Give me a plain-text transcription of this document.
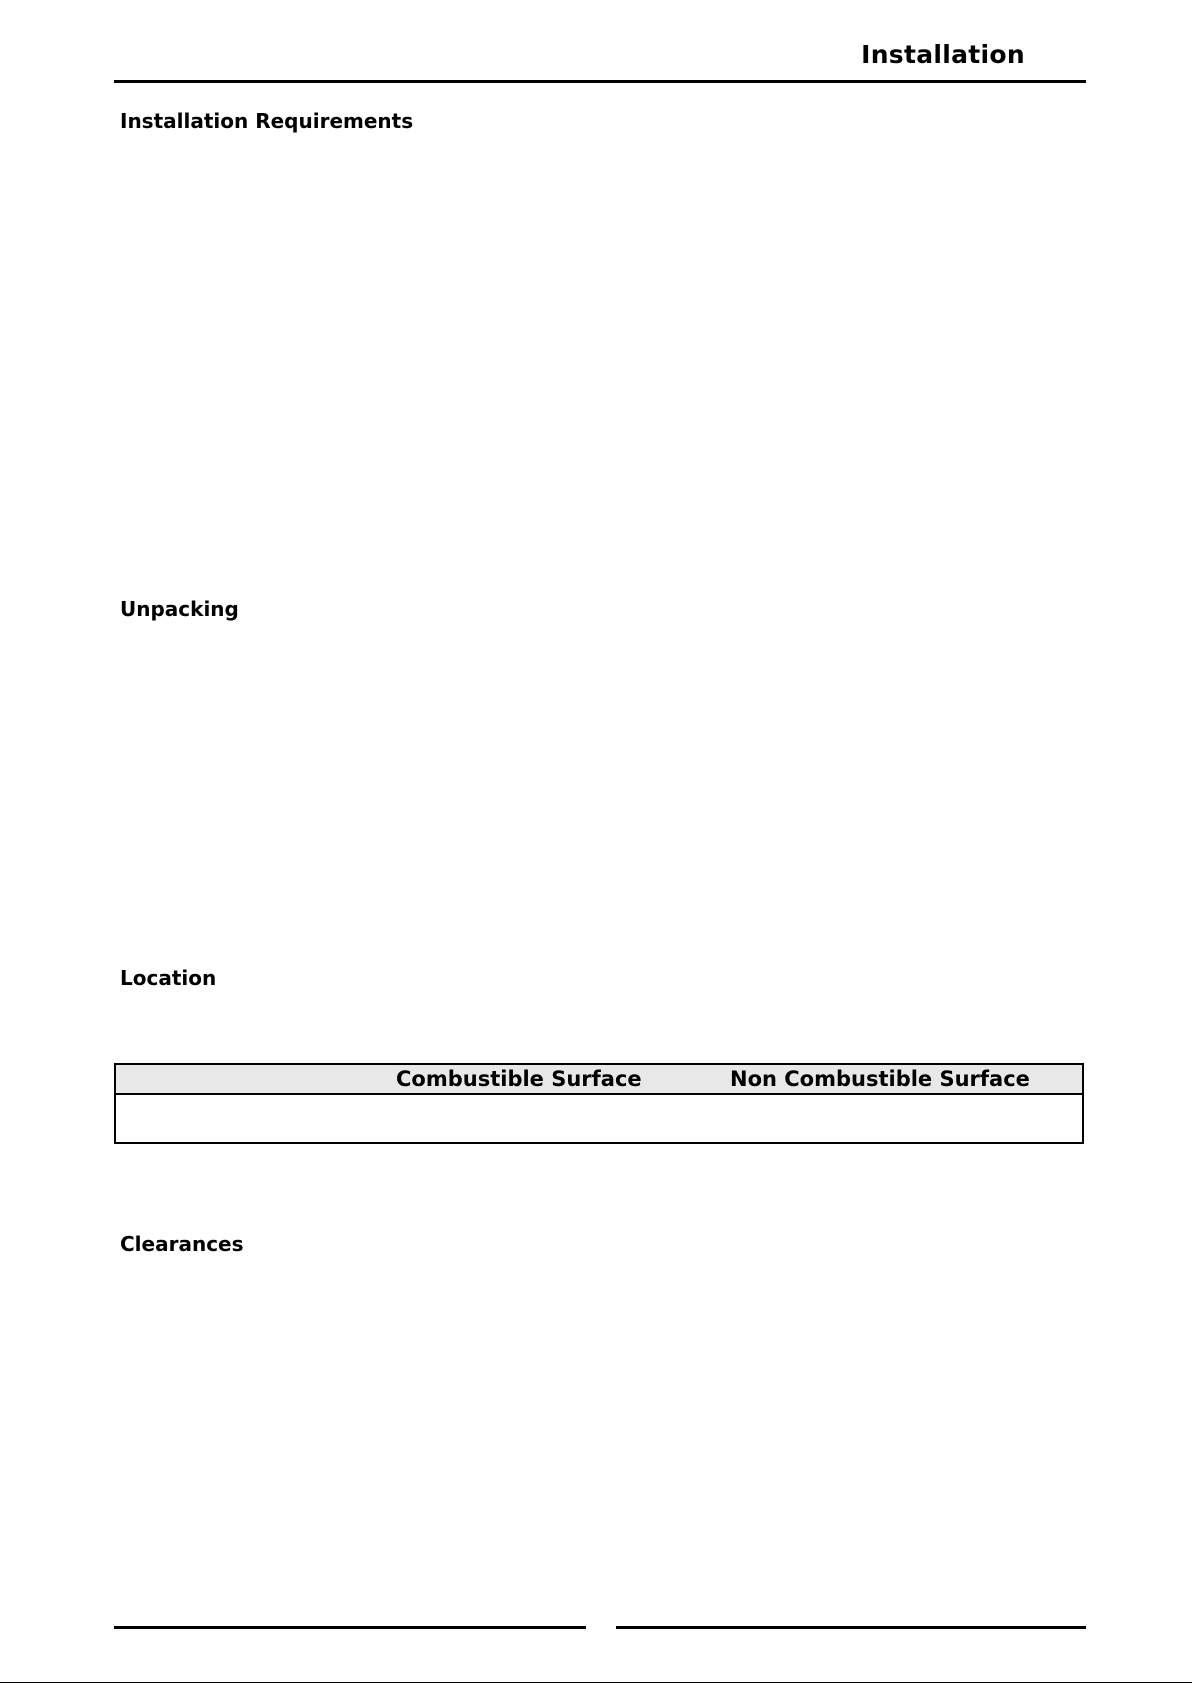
Installation
Installation Requirements
Unpacking
Location
Combustible Surface	Non Combustible Surface
Clearances
